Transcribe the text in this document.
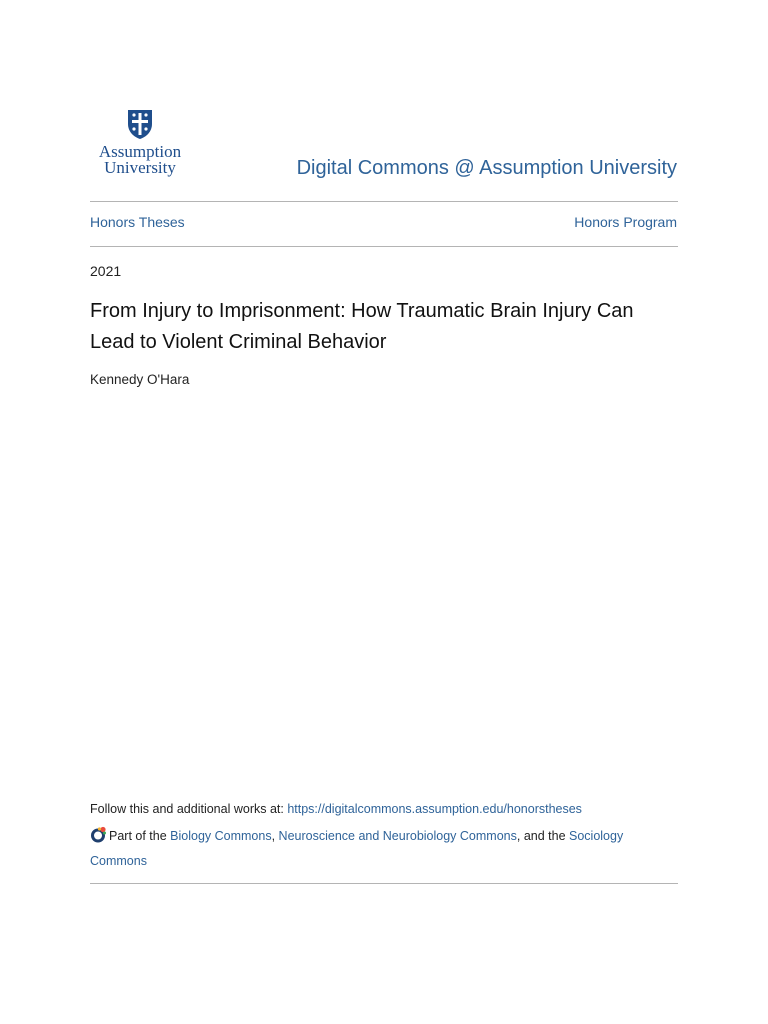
Assumption
University	Digital Commons @ Assumption University
Honors Theses	Honors Program
2021
From Injury to Imprisonment: How Traumatic Brain Injury Can Lead to Violent Criminal Behavior
Kennedy O'Hara
Follow this and additional works at: https://digitalcommons.assumption.edu/honorstheses
Part of the Biology Commons, Neuroscience and Neurobiology Commons, and the Sociology Commons
